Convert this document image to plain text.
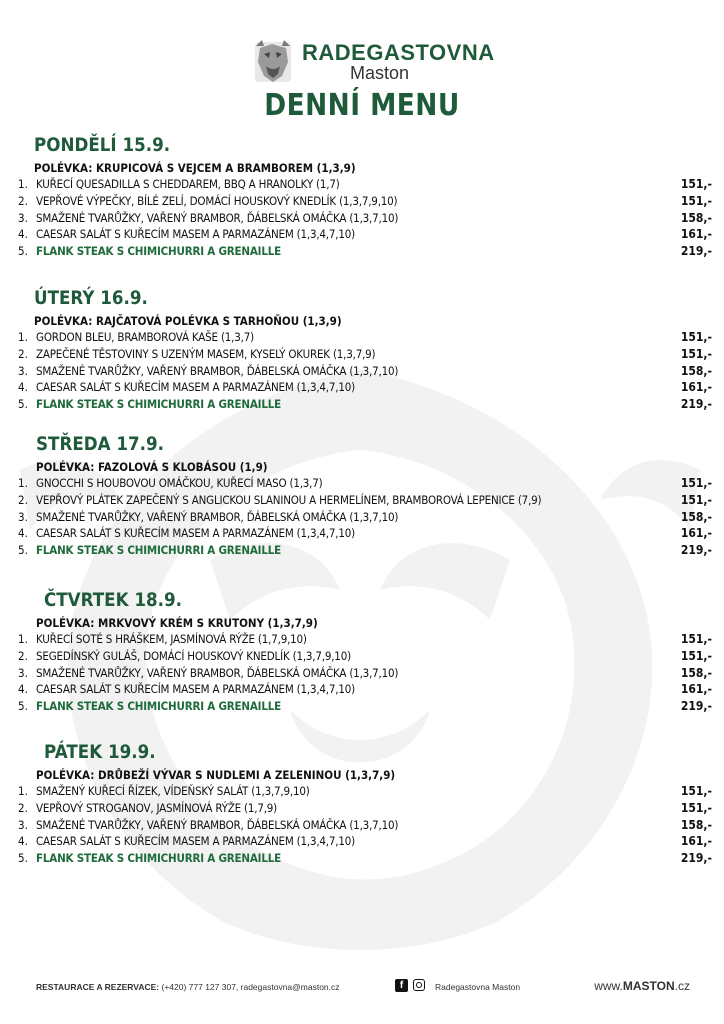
RADEGASTOVNA
Maston
DENNÍ MENU
PONDĚLÍ 15.9.
POLÉVKA: KRUPICOVÁ S VEJCEM A BRAMBOREM (1,3,9)
1. KUŘECÍ QUESADILLA S CHEDDAREM, BBQ A HRANOLKY (1,7)	151,-
2. VEPŘOVÉ VÝPEČKY, BÍLÉ ZELÍ, DOMÁCÍ HOUSKOVÝ KNEDLÍK (1,3,7,9,10)	151,-
3. SMAŽENÉ TVARŮŽKY, VAŘENÝ BRAMBOR, ĎÁBELSKÁ OMÁČKA (1,3,7,10)	158,-
4. CAESAR SALÁT S KUŘECÍM MASEM A PARMAZÁNEM (1,3,4,7,10)	161,-
5. FLANK STEAK S CHIMICHURRI A GRENAILLE	219,-
ÚTERÝ 16.9.
POLÉVKA: RAJČATOVÁ POLÉVKA S TARHOŇOU (1,3,9)
1. GORDON BLEU, BRAMBOROVÁ KAŠE (1,3,7)	151,-
2. ZAPEČENÉ TĚSTOVINY S UZENÝM MASEM, KYSELÝ OKUREK (1,3,7,9)	151,-
3. SMAŽENÉ TVARŮŽKY, VAŘENÝ BRAMBOR, ĎÁBELSKÁ OMÁČKA (1,3,7,10)	158,-
4. CAESAR SALÁT S KUŘECÍM MASEM A PARMAZÁNEM (1,3,4,7,10)	161,-
5. FLANK STEAK S CHIMICHURRI A GRENAILLE	219,-
STŘEDA 17.9.
POLÉVKA: FAZOLOVÁ S KLOBÁSOU (1,9)
1. GNOCCHI S HOUBOVOU OMÁČKOU, KUŘECÍ MASO (1,3,7)	151,-
2. VEPŘOVÝ PLÁTEK ZAPEČENÝ S ANGLICKOU SLANINOU A HERMELÍNEM, BRAMBOROVÁ LEPENICE (7,9)	151,-
3. SMAŽENÉ TVARŮŽKY, VAŘENÝ BRAMBOR, ĎÁBELSKÁ OMÁČKA (1,3,7,10)	158,-
4. CAESAR SALÁT S KUŘECÍM MASEM A PARMAZÁNEM (1,3,4,7,10)	161,-
5. FLANK STEAK S CHIMICHURRI A GRENAILLE	219,-
ČTVRTEK 18.9.
POLÉVKA: MRKVOVÝ KRÉM S KRUTONY (1,3,7,9)
1. KUŘECÍ SOTÉ S HRÁŠKEM, JASMÍNOVÁ RÝŽE (1,7,9,10)	151,-
2. SEGEDÍNSKÝ GULÁŠ, DOMÁCÍ HOUSKOVÝ KNEDLÍK (1,3,7,9,10)	151,-
3. SMAŽENÉ TVARŮŽKY, VAŘENÝ BRAMBOR, ĎÁBELSKÁ OMÁČKA (1,3,7,10)	158,-
4. CAESAR SALÁT S KUŘECÍM MASEM A PARMAZÁNEM (1,3,4,7,10)	161,-
5. FLANK STEAK S CHIMICHURRI A GRENAILLE	219,-
PÁTEK 19.9.
POLÉVKA: DRŮBEŽÍ VÝVAR S NUDLEMI A ZELENINOU (1,3,7,9)
1. SMAŽENÝ KUŘECÍ ŘÍZEK, VÍDEŇSKÝ SALÁT (1,3,7,9,10)	151,-
2. VEPŘOVÝ STROGANOV, JASMÍNOVÁ RÝŽE (1,7,9)	151,-
3. SMAŽENÉ TVARŮŽKY, VAŘENÝ BRAMBOR, ĎÁBELSKÁ OMÁČKA (1,3,7,10)	158,-
4. CAESAR SALÁT S KUŘECÍM MASEM A PARMAZÁNEM (1,3,4,7,10)	161,-
5. FLANK STEAK S CHIMICHURRI A GRENAILLE	219,-
RESTAURACE A REZERVACE: (+420) 777 127 307, radegastovna@maston.cz	f	Radegastovna Maston	www.MASTON.cz
